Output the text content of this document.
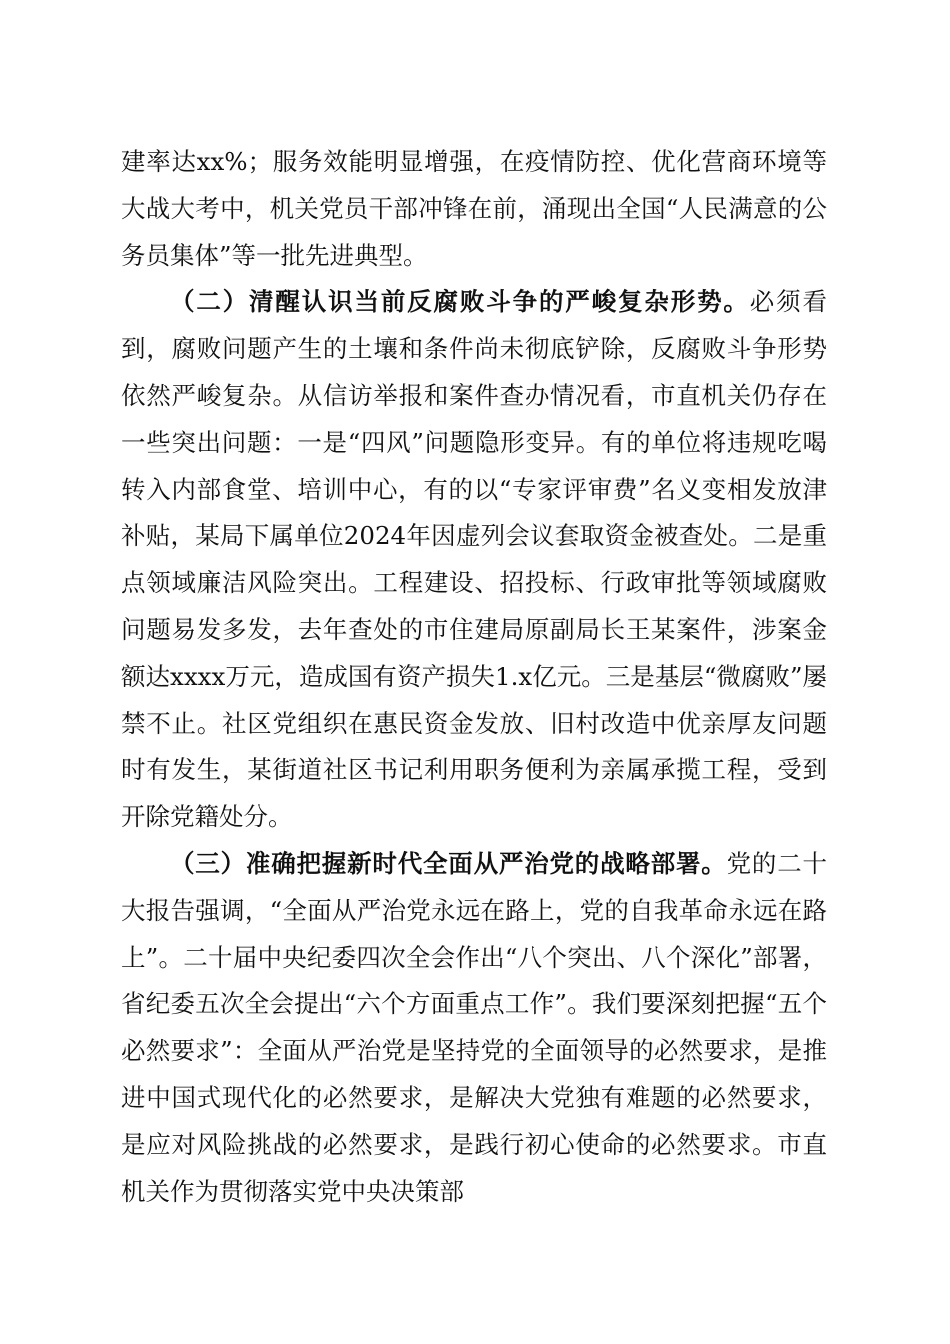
建率达xx%；服务效能明显增强，在疫情防控、优化营商环境等大战大考中，机关党员干部冲锋在前，涌现出全国“人民满意的公务员集体”等一批先进典型。

（二）清醒认识当前反腐败斗争的严峻复杂形势。必须看到，腐败问题产生的土壤和条件尚未彻底铲除，反腐败斗争形势依然严峻复杂。从信访举报和案件查办情况看，市直机关仍存在一些突出问题：一是“四风”问题隐形变异。有的单位将违规吃喝转入内部食堂、培训中心，有的以“专家评审费”名义变相发放津补贴，某局下属单位2024年因虚列会议套取资金被查处。二是重点领域廉洁风险突出。工程建设、招投标、行政审批等领域腐败问题易发多发，去年查处的市住建局原副局长王某案件，涉案金额达xxxx万元，造成国有资产损失1.x亿元。三是基层“微腐败”屡禁不止。社区党组织在惠民资金发放、旧村改造中优亲厚友问题时有发生，某街道社区书记利用职务便利为亲属承揽工程，受到开除党籍处分。

（三）准确把握新时代全面从严治党的战略部署。党的二十大报告强调，“全面从严治党永远在路上，党的自我革命永远在路上”。二十届中央纪委四次全会作出“八个突出、八个深化”部署，省纪委五次全会提出“六个方面重点工作”。我们要深刻把握“五个必然要求”：全面从严治党是坚持党的全面领导的必然要求，是推进中国式现代化的必然要求，是解决大党独有难题的必然要求，是应对风险挑战的必然要求，是践行初心使命的必然要求。市直机关作为贯彻落实党中央决策部
